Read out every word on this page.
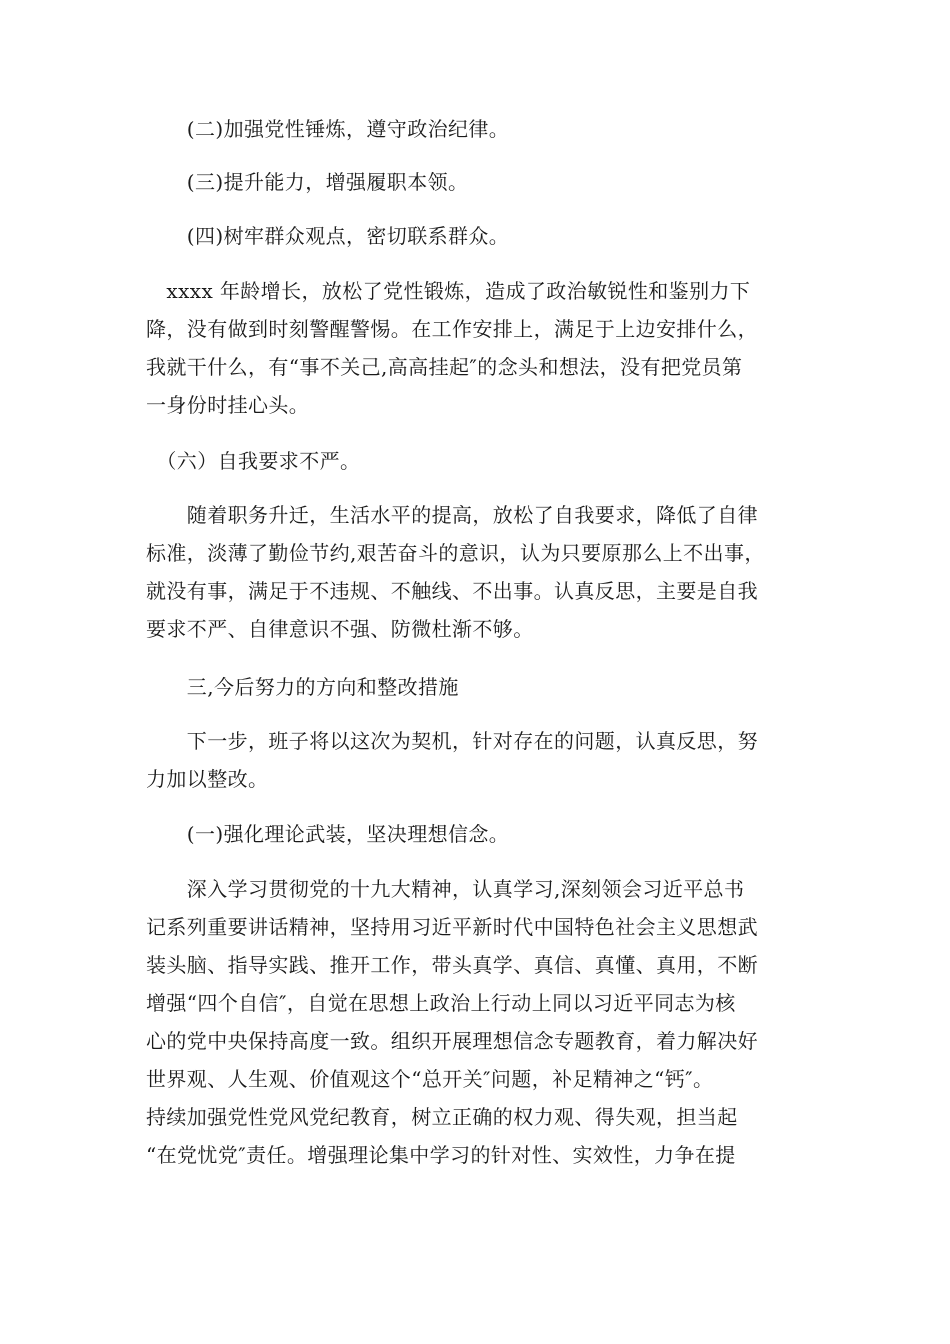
　　(二)加强党性锤炼，遵守政治纪律。
　　(三)提升能力，增强履职本领。
　　(四)树牢群众观点，密切联系群众。
　xxxx 年龄增长，放松了党性锻炼，造成了政治敏锐性和鉴别力下
降，没有做到时刻警醒警惕。在工作安排上，满足于上边安排什么，
我就干什么，有“事不关己,高高挂起″的念头和想法，没有把党员第
一身份时挂心头。
　（六）自我要求不严。
　　随着职务升迁，生活水平的提高，放松了自我要求，降低了自律
标准，淡薄了勤俭节约,艰苦奋斗的意识，认为只要原那么上不出事，
就没有事，满足于不违规、不触线、不出事。认真反思，主要是自我
要求不严、自律意识不强、防微杜渐不够。
　　三,今后努力的方向和整改措施
　　下一步，班子将以这次为契机，针对存在的问题，认真反思，努
力加以整改。
　　(一)强化理论武装，坚决理想信念。
　　深入学习贯彻党的十九大精神，认真学习,深刻领会习近平总书
记系列重要讲话精神，坚持用习近平新时代中国特色社会主义思想武
装头脑、指导实践、推开工作，带头真学、真信、真懂、真用，不断
增强“四个自信″，自觉在思想上政治上行动上同以习近平同志为核
心的党中央保持高度一致。组织开展理想信念专题教育，着力解决好
世界观、人生观、价值观这个“总开关″问题，补足精神之“钙″。
持续加强党性党风党纪教育，树立正确的权力观、得失观，担当起
“在党忧党″责任。增强理论集中学习的针对性、实效性，力争在提
